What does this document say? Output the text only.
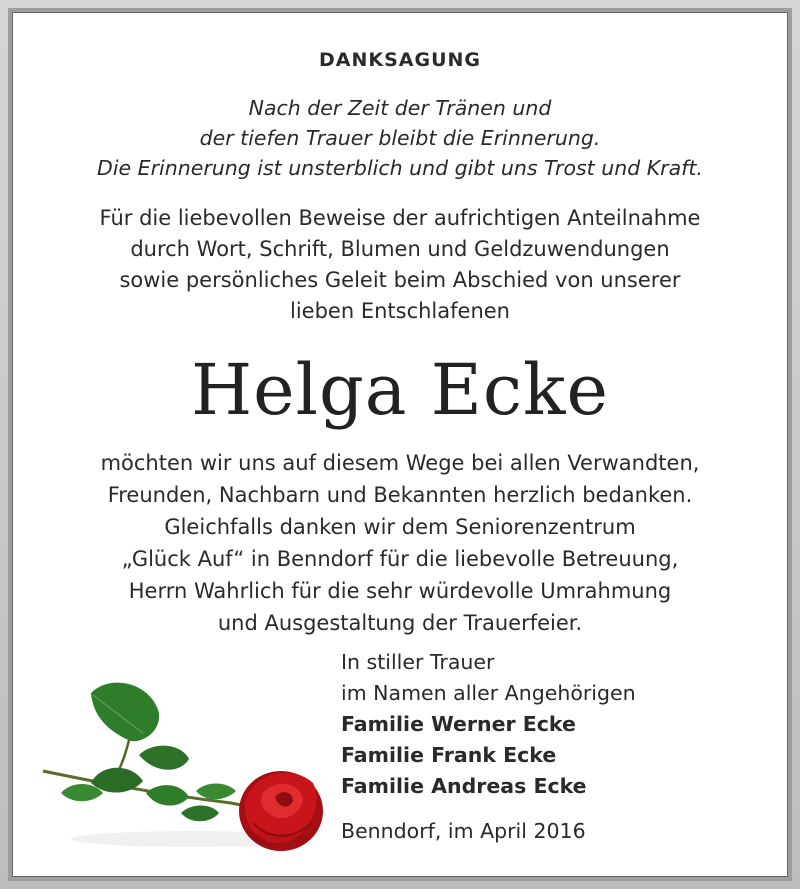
DANKSAGUNG
Nach der Zeit der Tränen und
der tiefen Trauer bleibt die Erinnerung.
Die Erinnerung ist unsterblich und gibt uns Trost und Kraft.
Für die liebevollen Beweise der aufrichtigen Anteilnahme
durch Wort, Schrift, Blumen und Geldzuwendungen
sowie persönliches Geleit beim Abschied von unserer
lieben Entschlafenen
Helga Ecke
möchten wir uns auf diesem Wege bei allen Verwandten,
Freunden, Nachbarn und Bekannten herzlich bedanken.
Gleichfalls danken wir dem Seniorenzentrum
„Glück Auf“ in Benndorf für die liebevolle Betreuung,
Herrn Wahrlich für die sehr würdevolle Umrahmung
und Ausgestaltung der Trauerfeier.
In stiller Trauer
im Namen aller Angehörigen
Familie Werner Ecke
Familie Frank Ecke
Familie Andreas Ecke
Benndorf, im April 2016
